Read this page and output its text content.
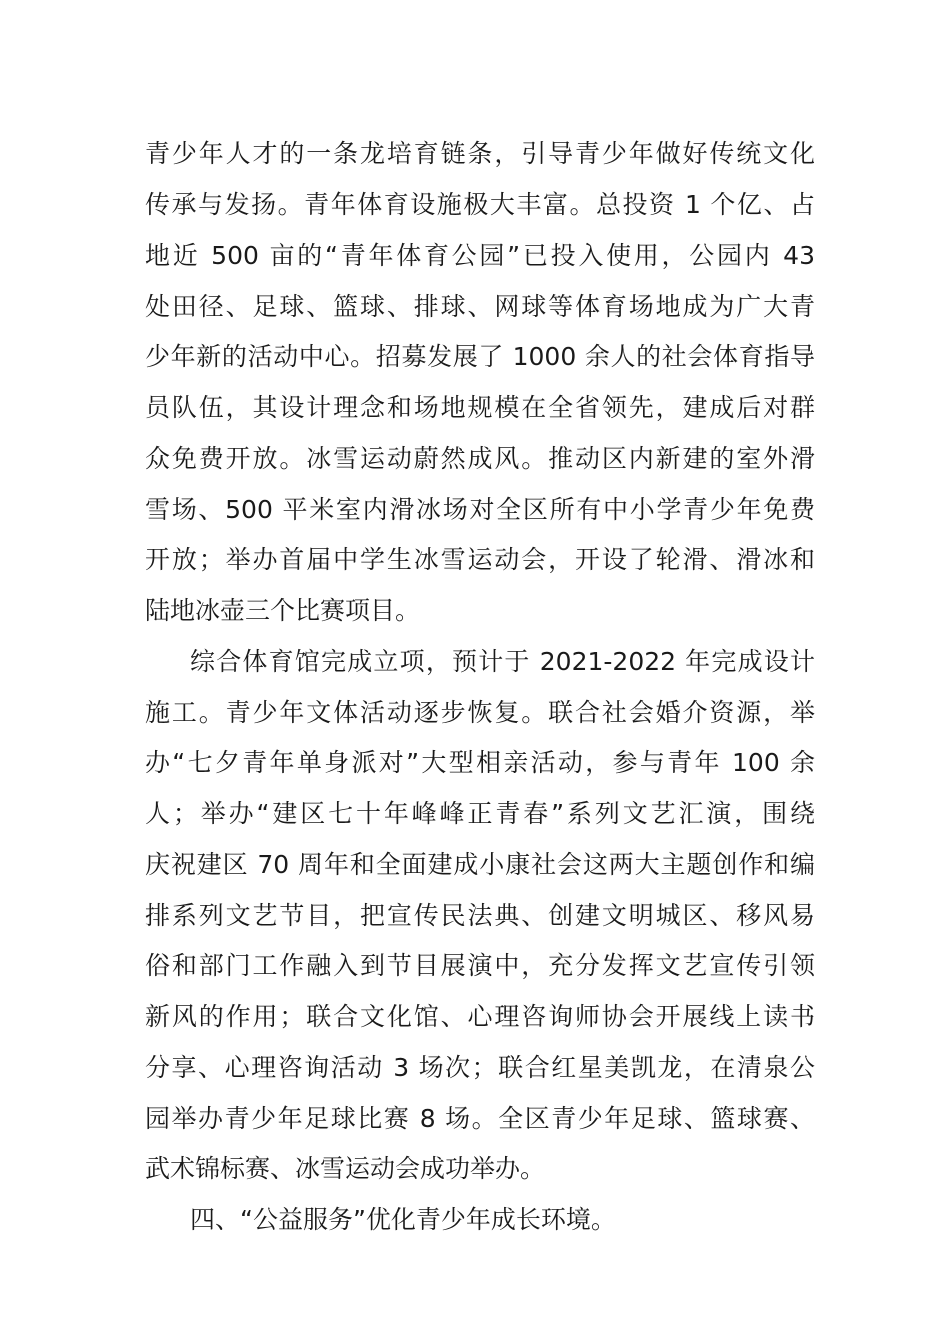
青少年人才的一条龙培育链条，引导青少年做好传统文化
传承与发扬。青年体育设施极大丰富。总投资 1 个亿、占
地近 500 亩的“青年体育公园”已投入使用，公园内 43
处田径、足球、篮球、排球、网球等体育场地成为广大青
少年新的活动中心。招募发展了 1000 余人的社会体育指导
员队伍，其设计理念和场地规模在全省领先，建成后对群
众免费开放。冰雪运动蔚然成风。推动区内新建的室外滑
雪场、500 平米室内滑冰场对全区所有中小学青少年免费
开放；举办首届中学生冰雪运动会，开设了轮滑、滑冰和
陆地冰壶三个比赛项目。
综合体育馆完成立项，预计于 2021-2022 年完成设计
施工。青少年文体活动逐步恢复。联合社会婚介资源，举
办“七夕青年单身派对”大型相亲活动，参与青年 100 余
人；举办“建区七十年峰峰正青春”系列文艺汇演，围绕
庆祝建区 70 周年和全面建成小康社会这两大主题创作和编
排系列文艺节目，把宣传民法典、创建文明城区、移风易
俗和部门工作融入到节目展演中，充分发挥文艺宣传引领
新风的作用；联合文化馆、心理咨询师协会开展线上读书
分享、心理咨询活动 3 场次；联合红星美凯龙，在清泉公
园举办青少年足球比赛 8 场。全区青少年足球、篮球赛、
武术锦标赛、冰雪运动会成功举办。
四、“公益服务”优化青少年成长环境。
